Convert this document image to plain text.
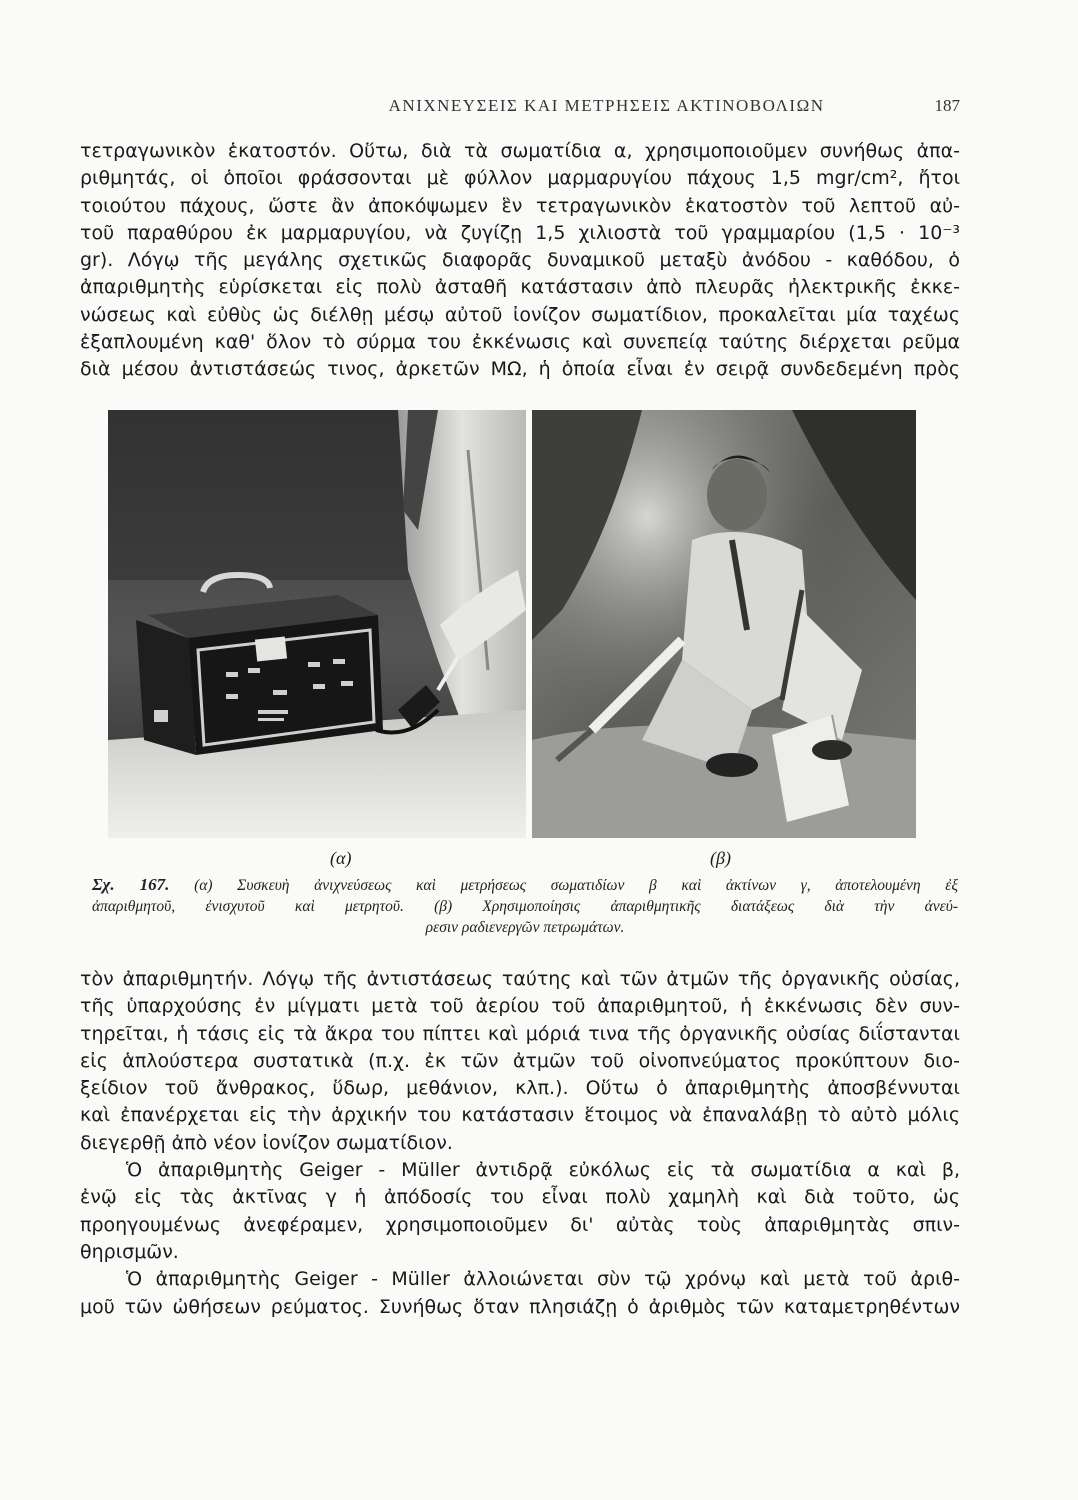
ΑΝΙΧΝΕΥΣΕΙΣ ΚΑΙ ΜΕΤΡΗΣΕΙΣ ΑΚΤΙΝΟΒΟΛΙΩΝ	187
τετραγωνικὸν ἑκατοστόν. Οὕτω, διὰ τὰ σωματίδια α, χρησιμοποιοῦμεν συνήθως ἀπα-
ριθμητάς, οἱ ὁποῖοι φράσσονται μὲ φύλλον μαρμαρυγίου πάχους 1,5 mgr/cm², ἤτοι
τοιούτου πάχους, ὥστε ἂν ἀποκόψωμεν ἓν τετραγωνικὸν ἑκατοστὸν τοῦ λεπτοῦ αὐ-
τοῦ παραθύρου ἐκ μαρμαρυγίου, νὰ ζυγίζῃ 1,5 χιλιοστὰ τοῦ γραμμαρίου (1,5 · 10⁻³
gr). Λόγῳ τῆς μεγάλης σχετικῶς διαφορᾶς δυναμικοῦ μεταξὺ ἀνόδου - καθόδου, ὁ
ἀπαριθμητὴς εὑρίσκεται εἰς πολὺ ἀσταθῆ κατάστασιν ἀπὸ πλευρᾶς ἠλεκτρικῆς ἐκκε-
νώσεως καὶ εὐθὺς ὡς διέλθῃ μέσῳ αὐτοῦ ἰονίζον σωματίδιον, προκαλεῖται μία ταχέως
ἐξαπλουμένη καθ' ὅλον τὸ σύρμα του ἐκκένωσις καὶ συνεπείᾳ ταύτης διέρχεται ρεῦμα
διὰ μέσου ἀντιστάσεώς τινος, ἀρκετῶν ΜΩ, ἡ ὁποία εἶναι ἐν σειρᾷ συνδεδεμένη πρὸς
(α)	(β)
Σχ. 167. (α) Συσκευὴ ἀνιχνεύσεως καὶ μετρήσεως σωματιδίων β καὶ ἀκτίνων γ, ἀποτελουμένη ἐξ
ἀπαριθμητοῦ, ἐνισχυτοῦ καὶ μετρητοῦ. (β) Χρησιμοποίησις ἀπαριθμητικῆς διατάξεως διὰ τὴν ἀνεύ-
ρεσιν ραδιενεργῶν πετρωμάτων.
τὸν ἀπαριθμητήν. Λόγῳ τῆς ἀντιστάσεως ταύτης καὶ τῶν ἀτμῶν τῆς ὀργανικῆς οὐσίας,
τῆς ὑπαρχούσης ἐν μίγματι μετὰ τοῦ ἀερίου τοῦ ἀπαριθμητοῦ, ἡ ἐκκένωσις δὲν συν-
τηρεῖται, ἡ τάσις εἰς τὰ ἄκρα του πίπτει καὶ μόριά τινα τῆς ὀργανικῆς οὐσίας διΐστανται
εἰς ἁπλούστερα συστατικὰ (π.χ. ἐκ τῶν ἀτμῶν τοῦ οἰνοπνεύματος προκύπτουν διο-
ξείδιον τοῦ ἄνθρακος, ὕδωρ, μεθάνιον, κλπ.). Οὕτω ὁ ἀπαριθμητὴς ἀποσβέννυται
καὶ ἐπανέρχεται εἰς τὴν ἀρχικήν του κατάστασιν ἕτοιμος νὰ ἐπαναλάβῃ τὸ αὐτὸ μόλις
διεγερθῇ ἀπὸ νέον ἰονίζον σωματίδιον.
Ὁ ἀπαριθμητὴς Geiger - Müller ἀντιδρᾷ εὐκόλως εἰς τὰ σωματίδια α καὶ β,
ἐνῷ εἰς τὰς ἀκτῖνας γ ἡ ἀπόδοσίς του εἶναι πολὺ χαμηλὴ καὶ διὰ τοῦτο, ὡς
προηγουμένως ἀνεφέραμεν, χρησιμοποιοῦμεν δι' αὐτὰς τοὺς ἀπαριθμητὰς σπιν-
θηρισμῶν.
Ὁ ἀπαριθμητὴς Geiger - Müller ἀλλοιώνεται σὺν τῷ χρόνῳ καὶ μετὰ τοῦ ἀριθ-
μοῦ τῶν ὠθήσεων ρεύματος. Συνήθως ὅταν πλησιάζῃ ὁ ἀριθμὸς τῶν καταμετρηθέντων
